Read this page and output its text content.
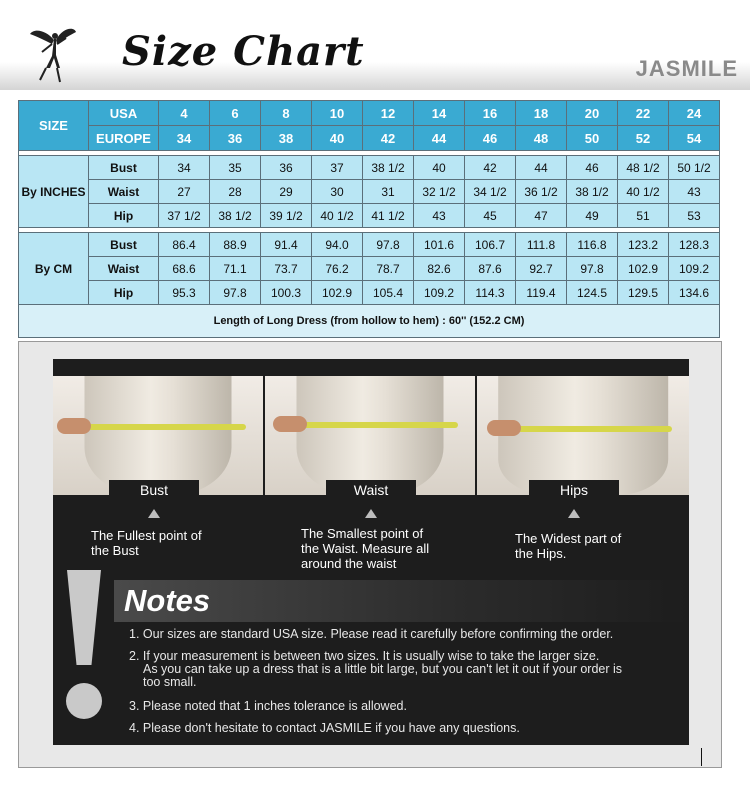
Size Chart	JASMILE
SIZE	USA	4	6	8	10	12	14	16	18	20	22	24
	EUROPE	34	36	38	40	42	44	46	48	50	52	54

By INCHES	Bust	34	35	36	37	38 1/2	40	42	44	46	48 1/2	50 1/2
	Waist	27	28	29	30	31	32 1/2	34 1/2	36 1/2	38 1/2	40 1/2	43
	Hip	37 1/2	38 1/2	39 1/2	40 1/2	41 1/2	43	45	47	49	51	53

By CM	Bust	86.4	88.9	91.4	94.0	97.8	101.6	106.7	111.8	116.8	123.2	128.3
	Waist	68.6	71.1	73.7	76.2	78.7	82.6	87.6	92.7	97.8	102.9	109.2
	Hip	95.3	97.8	100.3	102.9	105.4	109.2	114.3	119.4	124.5	129.5	134.6
Length of Long Dress (from hollow to hem) : 60'' (152.2 CM)												
Bust	Waist	Hips
The Fullest point of
the Bust
The Smallest point of
the Waist. Measure all
around the waist
The Widest part of
the Hips.
Notes
1. Our sizes are standard USA size. Please read it carefully before confirming the order.
2. If your measurement is between two sizes. It is usually wise to take the larger size.
As you can take up a dress that is a little bit large, but you can't let it out if your order is
too small.
3. Please noted that 1 inches tolerance is allowed.
4. Please don't hesitate to contact JASMILE if you have any questions.
